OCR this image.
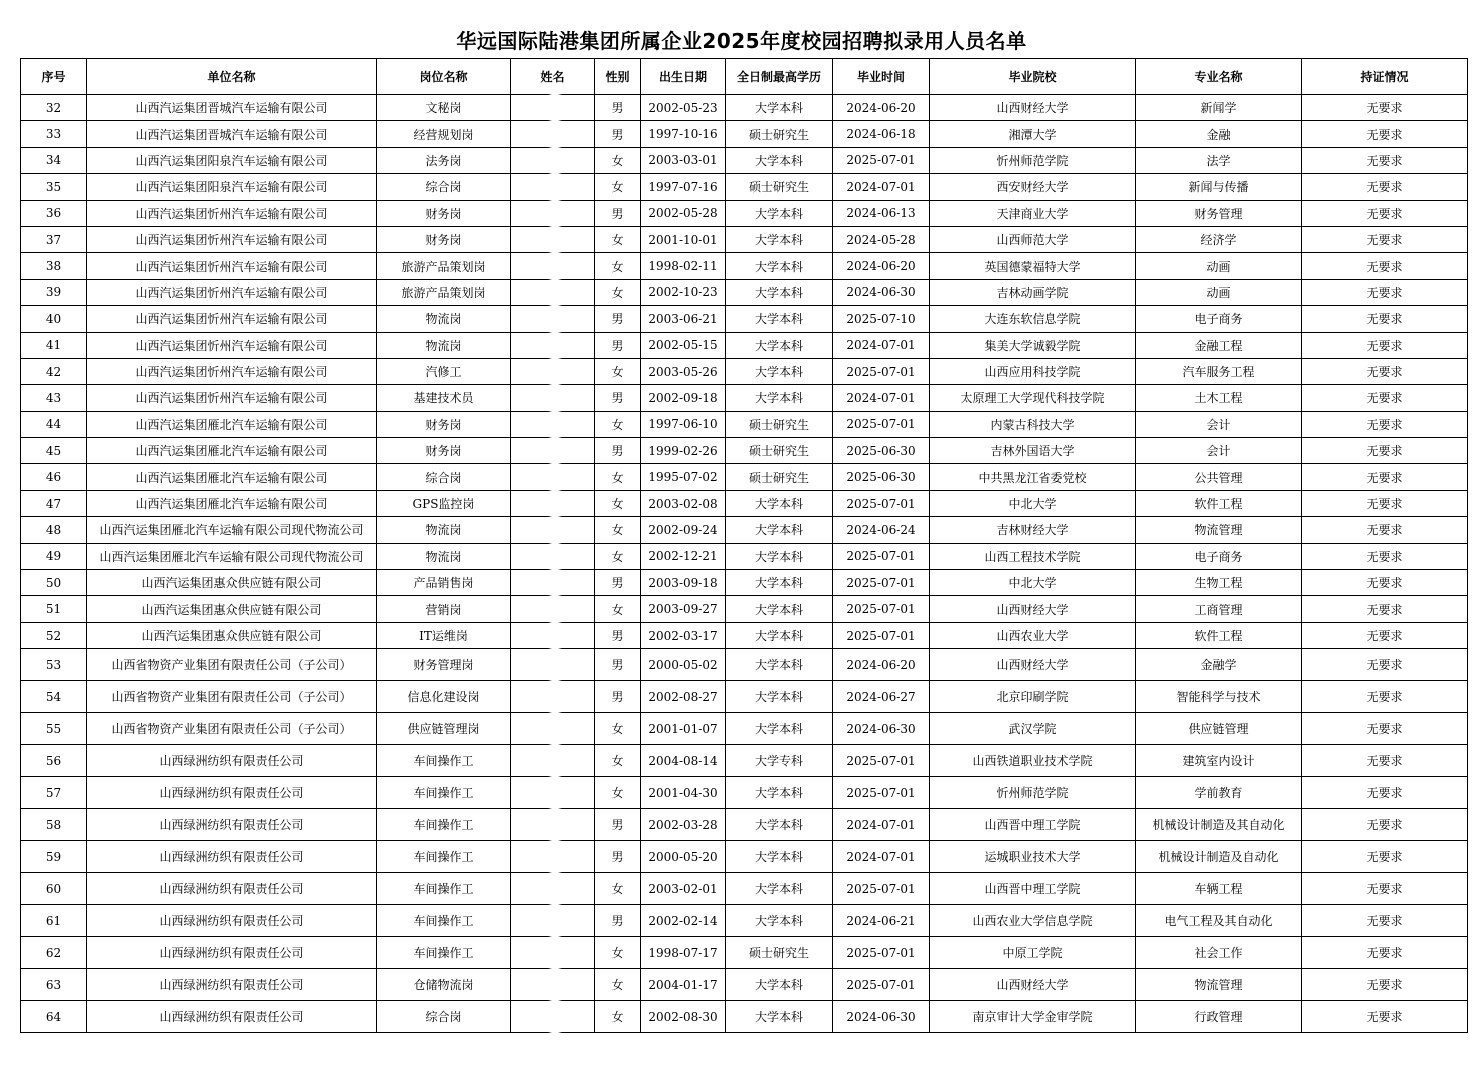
华远国际陆港集团所属企业2025年度校园招聘拟录用人员名单
序号	单位名称	岗位名称	姓名	性别	出生日期	全日制最高学历	毕业时间	毕业院校	专业名称	持证情况
32	山西汽运集团晋城汽车运输有限公司	文秘岗		男	2002-05-23	大学本科	2024-06-20	山西财经大学	新闻学	无要求
33	山西汽运集团晋城汽车运输有限公司	经营规划岗		男	1997-10-16	硕士研究生	2024-06-18	湘潭大学	金融	无要求
34	山西汽运集团阳泉汽车运输有限公司	法务岗		女	2003-03-01	大学本科	2025-07-01	忻州师范学院	法学	无要求
35	山西汽运集团阳泉汽车运输有限公司	综合岗		女	1997-07-16	硕士研究生	2024-07-01	西安财经大学	新闻与传播	无要求
36	山西汽运集团忻州汽车运输有限公司	财务岗		男	2002-05-28	大学本科	2024-06-13	天津商业大学	财务管理	无要求
37	山西汽运集团忻州汽车运输有限公司	财务岗		女	2001-10-01	大学本科	2024-05-28	山西师范大学	经济学	无要求
38	山西汽运集团忻州汽车运输有限公司	旅游产品策划岗		女	1998-02-11	大学本科	2024-06-20	英国德蒙福特大学	动画	无要求
39	山西汽运集团忻州汽车运输有限公司	旅游产品策划岗		女	2002-10-23	大学本科	2024-06-30	吉林动画学院	动画	无要求
40	山西汽运集团忻州汽车运输有限公司	物流岗		男	2003-06-21	大学本科	2025-07-10	大连东软信息学院	电子商务	无要求
41	山西汽运集团忻州汽车运输有限公司	物流岗		男	2002-05-15	大学本科	2024-07-01	集美大学诚毅学院	金融工程	无要求
42	山西汽运集团忻州汽车运输有限公司	汽修工		女	2003-05-26	大学本科	2025-07-01	山西应用科技学院	汽车服务工程	无要求
43	山西汽运集团忻州汽车运输有限公司	基建技术员		男	2002-09-18	大学本科	2024-07-01	太原理工大学现代科技学院	土木工程	无要求
44	山西汽运集团雁北汽车运输有限公司	财务岗		女	1997-06-10	硕士研究生	2025-07-01	内蒙古科技大学	会计	无要求
45	山西汽运集团雁北汽车运输有限公司	财务岗		男	1999-02-26	硕士研究生	2025-06-30	吉林外国语大学	会计	无要求
46	山西汽运集团雁北汽车运输有限公司	综合岗		女	1995-07-02	硕士研究生	2025-06-30	中共黑龙江省委党校	公共管理	无要求
47	山西汽运集团雁北汽车运输有限公司	GPS监控岗		女	2003-02-08	大学本科	2025-07-01	中北大学	软件工程	无要求
48	山西汽运集团雁北汽车运输有限公司现代物流公司	物流岗		女	2002-09-24	大学本科	2024-06-24	吉林财经大学	物流管理	无要求
49	山西汽运集团雁北汽车运输有限公司现代物流公司	物流岗		女	2002-12-21	大学本科	2025-07-01	山西工程技术学院	电子商务	无要求
50	山西汽运集团惠众供应链有限公司	产品销售岗		男	2003-09-18	大学本科	2025-07-01	中北大学	生物工程	无要求
51	山西汽运集团惠众供应链有限公司	营销岗		女	2003-09-27	大学本科	2025-07-01	山西财经大学	工商管理	无要求
52	山西汽运集团惠众供应链有限公司	IT运维岗		男	2002-03-17	大学本科	2025-07-01	山西农业大学	软件工程	无要求
53	山西省物资产业集团有限责任公司（子公司）	财务管理岗		男	2000-05-02	大学本科	2024-06-20	山西财经大学	金融学	无要求
54	山西省物资产业集团有限责任公司（子公司）	信息化建设岗		男	2002-08-27	大学本科	2024-06-27	北京印刷学院	智能科学与技术	无要求
55	山西省物资产业集团有限责任公司（子公司）	供应链管理岗		女	2001-01-07	大学本科	2024-06-30	武汉学院	供应链管理	无要求
56	山西绿洲纺织有限责任公司	车间操作工		女	2004-08-14	大学专科	2025-07-01	山西铁道职业技术学院	建筑室内设计	无要求
57	山西绿洲纺织有限责任公司	车间操作工		女	2001-04-30	大学本科	2025-07-01	忻州师范学院	学前教育	无要求
58	山西绿洲纺织有限责任公司	车间操作工		男	2002-03-28	大学本科	2024-07-01	山西晋中理工学院	机械设计制造及其自动化	无要求
59	山西绿洲纺织有限责任公司	车间操作工		男	2000-05-20	大学本科	2024-07-01	运城职业技术大学	机械设计制造及自动化	无要求
60	山西绿洲纺织有限责任公司	车间操作工		女	2003-02-01	大学本科	2025-07-01	山西晋中理工学院	车辆工程	无要求
61	山西绿洲纺织有限责任公司	车间操作工		男	2002-02-14	大学本科	2024-06-21	山西农业大学信息学院	电气工程及其自动化	无要求
62	山西绿洲纺织有限责任公司	车间操作工		女	1998-07-17	硕士研究生	2025-07-01	中原工学院	社会工作	无要求
63	山西绿洲纺织有限责任公司	仓储物流岗		女	2004-01-17	大学本科	2025-07-01	山西财经大学	物流管理	无要求
64	山西绿洲纺织有限责任公司	综合岗		女	2002-08-30	大学本科	2024-06-30	南京审计大学金审学院	行政管理	无要求
